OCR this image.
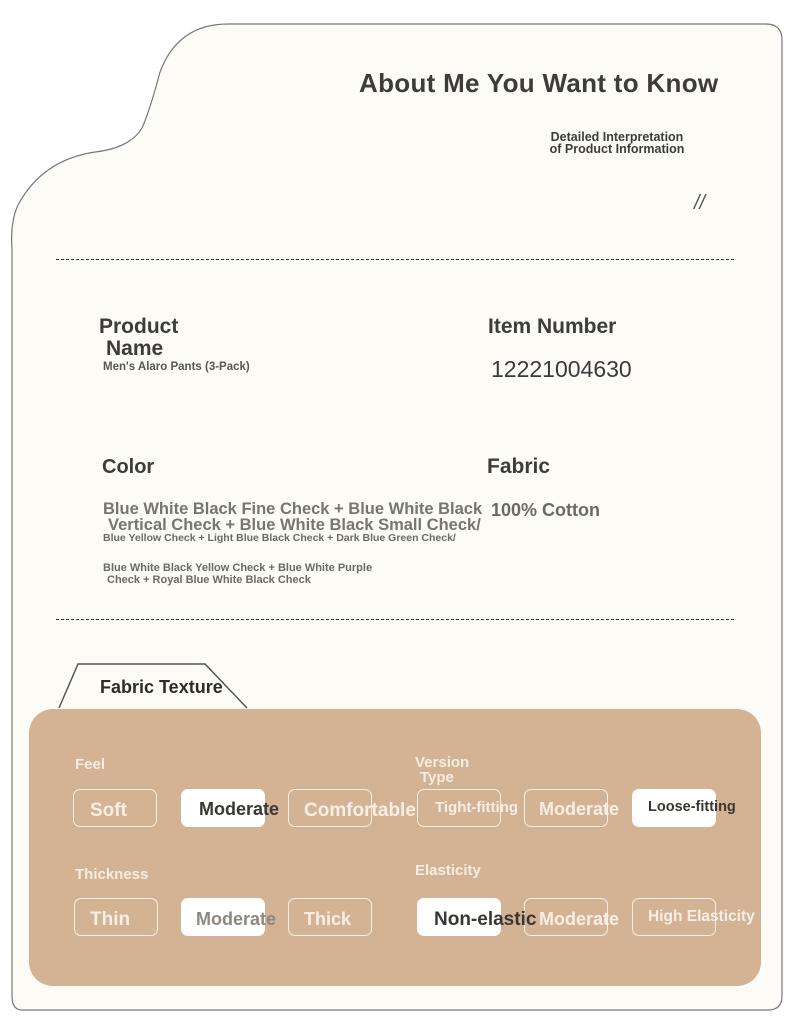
About Me You Want to Know
Detailed Interpretation
of Product Information
//
Product
Name
Men's Alaro Pants (3-Pack)
Item Number
12221004630
Color
Blue White Black Fine Check + Blue White Black
Vertical Check + Blue White Black Small Check/
Blue Yellow Check + Light Blue Black Check + Dark Blue Green Check/
Blue White Black Yellow Check + Blue White Purple
Check + Royal Blue White Black Check
Fabric
100% Cotton
Fabric Texture
Feel
Soft	Moderate Comfortable
Version
Type
Tight-fitting Moderate Loose-fitting
Thickness
Thin	Moderate Thick
Elasticity
Non-elastic Moderate High Elasticity
